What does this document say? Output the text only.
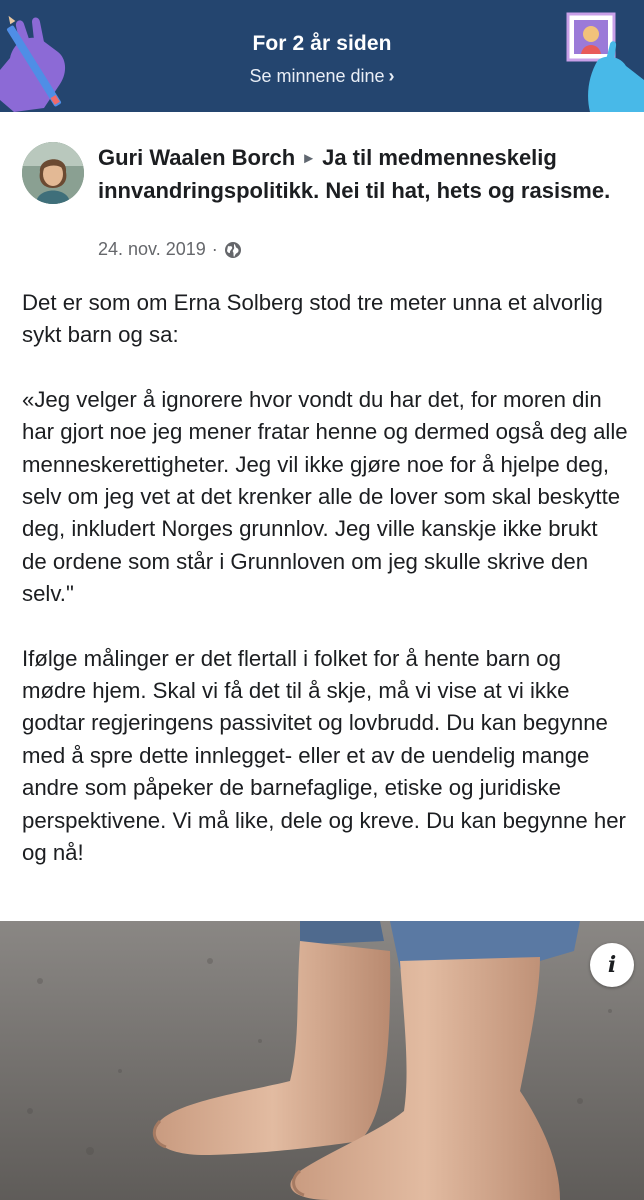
For 2 år siden
Se minnene dine ›
Guri Waalen Borch ► Ja til medmenneskelig innvandringspolitikk. Nei til hat, hets og rasisme.
24. nov. 2019 ·

Det er som om Erna Solberg stod tre meter unna et alvorlig sykt barn og sa:

«Jeg velger å ignorere hvor vondt du har det, for moren din har gjort noe jeg mener fratar henne og dermed også deg alle menneskerettigheter. Jeg vil ikke gjøre noe for å hjelpe deg, selv om jeg vet at det krenker alle de lover som skal beskytte deg, inkludert Norges grunnlov. Jeg ville kanskje ikke brukt de ordene som står i Grunnloven om jeg skulle skrive den selv."

Ifølge målinger er det flertall i folket for å hente barn og mødre hjem. Skal vi få det til å skje, må vi vise at vi ikke godtar regjeringens passivitet og lovbrudd. Du kan begynne med å spre dette innlegget- eller et av de uendelig mange andre som påpeker de barnefaglige, etiske og juridiske perspektivene. Vi må like, dele og kreve. Du kan begynne her og nå!

i
